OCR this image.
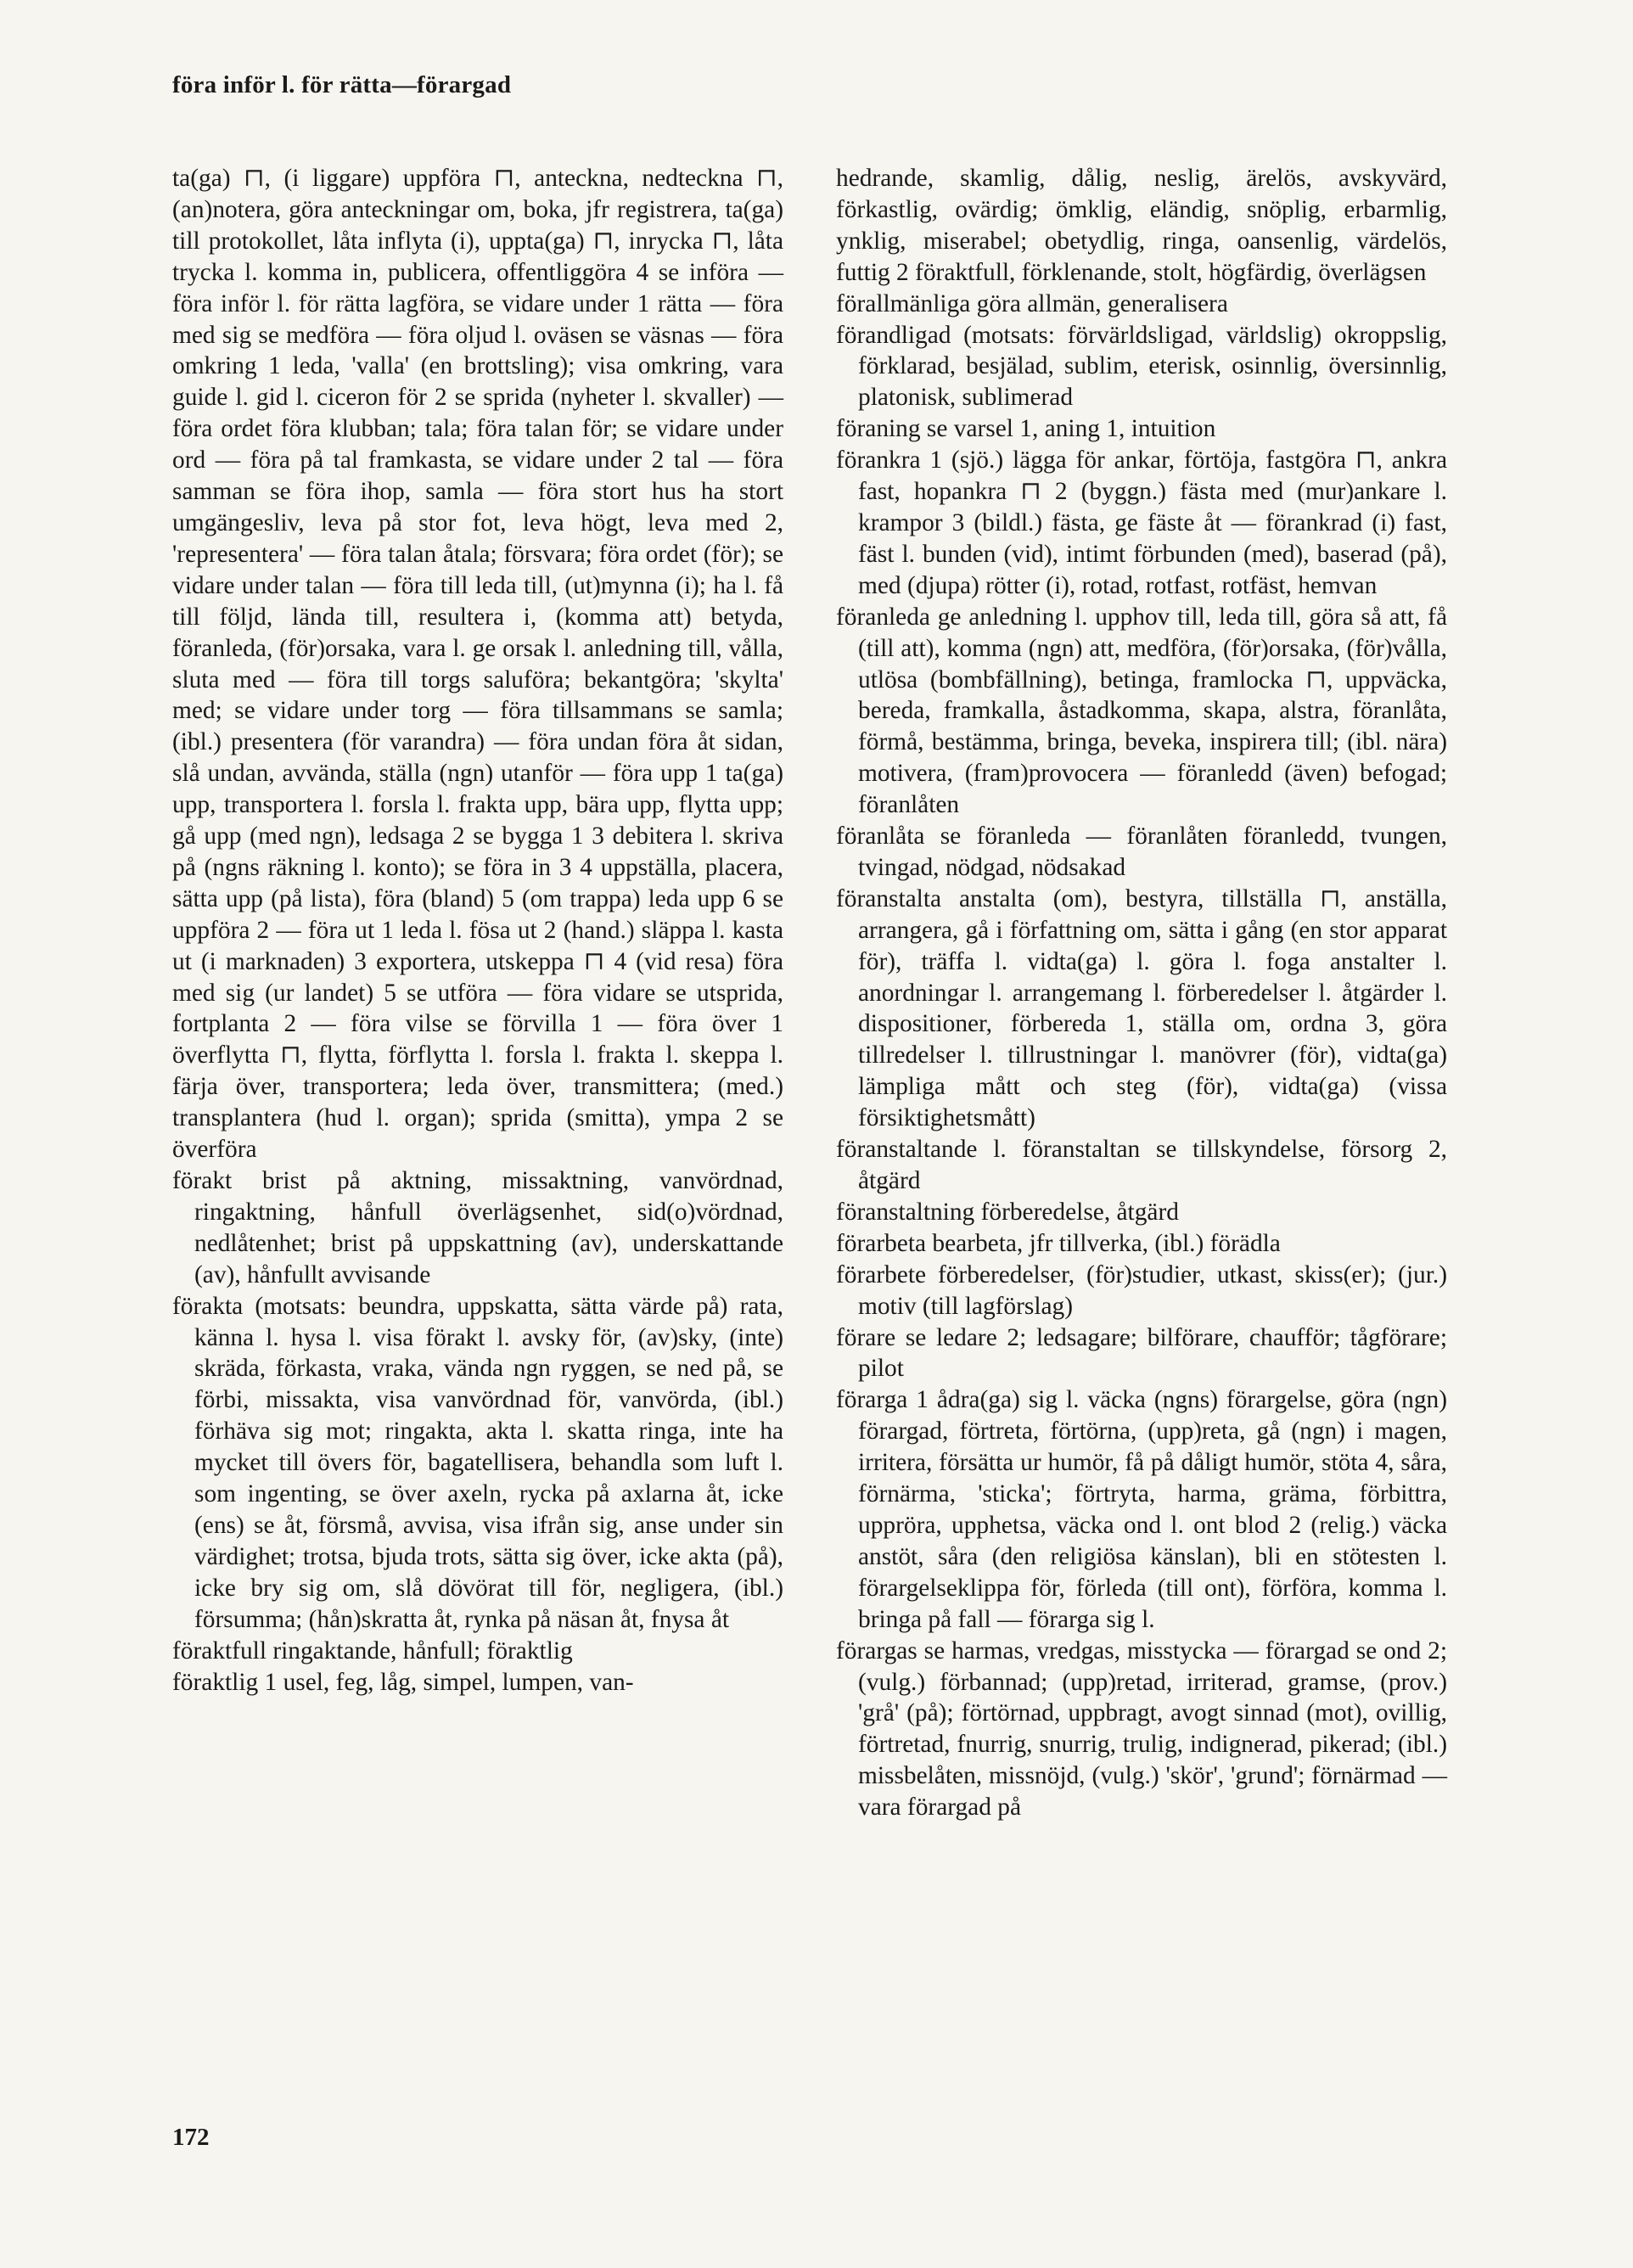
föra inför l. för rätta—förargad
ta(ga) ⊓, (i liggare) uppföra ⊓, anteckna, nedteckna ⊓, (an)notera, göra anteckningar om, boka, jfr registrera, ta(ga) till protokollet, låta inflyta (i), uppta(ga) ⊓, inrycka ⊓, låta trycka l. komma in, publicera, offentliggöra 4 se införa — föra inför l. för rätta lagföra, se vidare under 1 rätta — föra med sig se medföra — föra oljud l. oväsen se väsnas — föra omkring 1 leda, 'valla' (en brottsling); visa omkring, vara guide l. gid l. ciceron för 2 se sprida (nyheter l. skvaller) — föra ordet föra klubban; tala; föra talan för; se vidare under ord — föra på tal framkasta, se vidare under 2 tal — föra samman se föra ihop, samla — föra stort hus ha stort umgängesliv, leva på stor fot, leva högt, leva med 2, 'representera' — föra talan åtala; försvara; föra ordet (för); se vidare under talan — föra till leda till, (ut)mynna (i); ha l. få till följd, lända till, resultera i, (komma att) betyda, föranleda, (för)orsaka, vara l. ge orsak l. anledning till, vålla, sluta med — föra till torgs saluföra; bekantgöra; 'skylta' med; se vidare under torg — föra tillsammans se samla; (ibl.) presentera (för varandra) — föra undan föra åt sidan, slå undan, avvända, ställa (ngn) utanför — föra upp 1 ta(ga) upp, transportera l. forsla l. frakta upp, bära upp, flytta upp; gå upp (med ngn), ledsaga 2 se bygga 1 3 debitera l. skriva på (ngns räkning l. konto); se föra in 3 4 uppställa, placera, sätta upp (på lista), föra (bland) 5 (om trappa) leda upp 6 se uppföra 2 — föra ut 1 leda l. fösa ut 2 (hand.) släppa l. kasta ut (i marknaden) 3 exportera, utskeppa ⊓ 4 (vid resa) föra med sig (ur landet) 5 se utföra — föra vidare se utsprida, fortplanta 2 — föra vilse se förvilla 1 — föra över 1 överflytta ⊓, flytta, förflytta l. forsla l. frakta l. skeppa l. färja över, transportera; leda över, transmittera; (med.) transplantera (hud l. organ); sprida (smitta), ympa 2 se överföra
förakt brist på aktning, missaktning, vanvördnad, ringaktning, hånfull överlägsenhet, sid(o)vördnad, nedlåtenhet; brist på uppskattning (av), underskattande (av), hånfullt avvisande
förakta (motsats: beundra, uppskatta, sätta värde på) rata, känna l. hysa l. visa förakt l. avsky för, (av)sky, (inte) skräda, förkasta, vraka, vända ngn ryggen, se ned på, se förbi, missakta, visa vanvördnad för, vanvörda, (ibl.) förhäva sig mot; ringakta, akta l. skatta ringa, inte ha mycket till övers för, bagatellisera, behandla som luft l. som ingenting, se över axeln, rycka på axlarna åt, icke (ens) se åt, försmå, avvisa, visa ifrån sig, anse under sin värdighet; trotsa, bjuda trots, sätta sig över, icke akta (på), icke bry sig om, slå dövörat till för, negligera, (ibl.) försumma; (hån)skratta åt, rynka på näsan åt, fnysa åt
föraktfull ringaktande, hånfull; föraktlig
föraktlig 1 usel, feg, låg, simpel, lumpen, van-
hedrande, skamlig, dålig, neslig, ärelös, avskyvärd, förkastlig, ovärdig; ömklig, eländig, snöplig, erbarmlig, ynklig, miserabel; obetydlig, ringa, oansenlig, värdelös, futtig 2 föraktfull, förklenande, stolt, högfärdig, överlägsen
förallmänliga göra allmän, generalisera
förandligad (motsats: förvärldsligad, världslig) okroppslig, förklarad, besjälad, sublim, eterisk, osinnlig, översinnlig, platonisk, sublimerad
föraning se varsel 1, aning 1, intuition
förankra 1 (sjö.) lägga för ankar, förtöja, fastgöra ⊓, ankra fast, hopankra ⊓ 2 (byggn.) fästa med (mur)ankare l. krampor 3 (bildl.) fästa, ge fäste åt — förankrad (i) fast, fäst l. bunden (vid), intimt förbunden (med), baserad (på), med (djupa) rötter (i), rotad, rotfast, rotfäst, hemvan
föranleda ge anledning l. upphov till, leda till, göra så att, få (till att), komma (ngn) att, medföra, (för)orsaka, (för)vålla, utlösa (bombfällning), betinga, framlocka ⊓, uppväcka, bereda, framkalla, åstadkomma, skapa, alstra, föranlåta, förmå, bestämma, bringa, beveka, inspirera till; (ibl. nära) motivera, (fram)provocera — föranledd (även) befogad; föranlåten
föranlåta se föranleda — föranlåten föranledd, tvungen, tvingad, nödgad, nödsakad
föranstalta anstalta (om), bestyra, tillställa ⊓, anställa, arrangera, gå i författning om, sätta i gång (en stor apparat för), träffa l. vidta(ga) l. göra l. foga anstalter l. anordningar l. arrangemang l. förberedelser l. åtgärder l. dispositioner, förbereda 1, ställa om, ordna 3, göra tillredelser l. tillrustningar l. manövrer (för), vidta(ga) lämpliga mått och steg (för), vidta(ga) (vissa försiktighetsmått)
föranstaltande l. föranstaltan se tillskyndelse, försorg 2, åtgärd
föranstaltning förberedelse, åtgärd
förarbeta bearbeta, jfr tillverka, (ibl.) förädla
förarbete förberedelser, (för)studier, utkast, skiss(er); (jur.) motiv (till lagförslag)
förare se ledare 2; ledsagare; bilförare, chaufför; tågförare; pilot
förarga 1 ådra(ga) sig l. väcka (ngns) förargelse, göra (ngn) förargad, förtreta, förtörna, (upp)reta, gå (ngn) i magen, irritera, försätta ur humör, få på dåligt humör, stöta 4, såra, förnärma, 'sticka'; förtryta, harma, gräma, förbittra, uppröra, upphetsa, väcka ond l. ont blod 2 (relig.) väcka anstöt, såra (den religiösa känslan), bli en stötesten l. förargelseklippa för, förleda (till ont), förföra, komma l. bringa på fall — förarga sig l.
förargas se harmas, vredgas, misstycka — förargad se ond 2; (vulg.) förbannad; (upp)retad, irriterad, gramse, (prov.) 'grå' (på); förtörnad, uppbragt, avogt sinnad (mot), ovillig, förtretad, fnurrig, snurrig, trulig, indignerad, pikerad; (ibl.) missbelåten, missnöjd, (vulg.) 'skör', 'grund'; förnärmad — vara förargad på
172
